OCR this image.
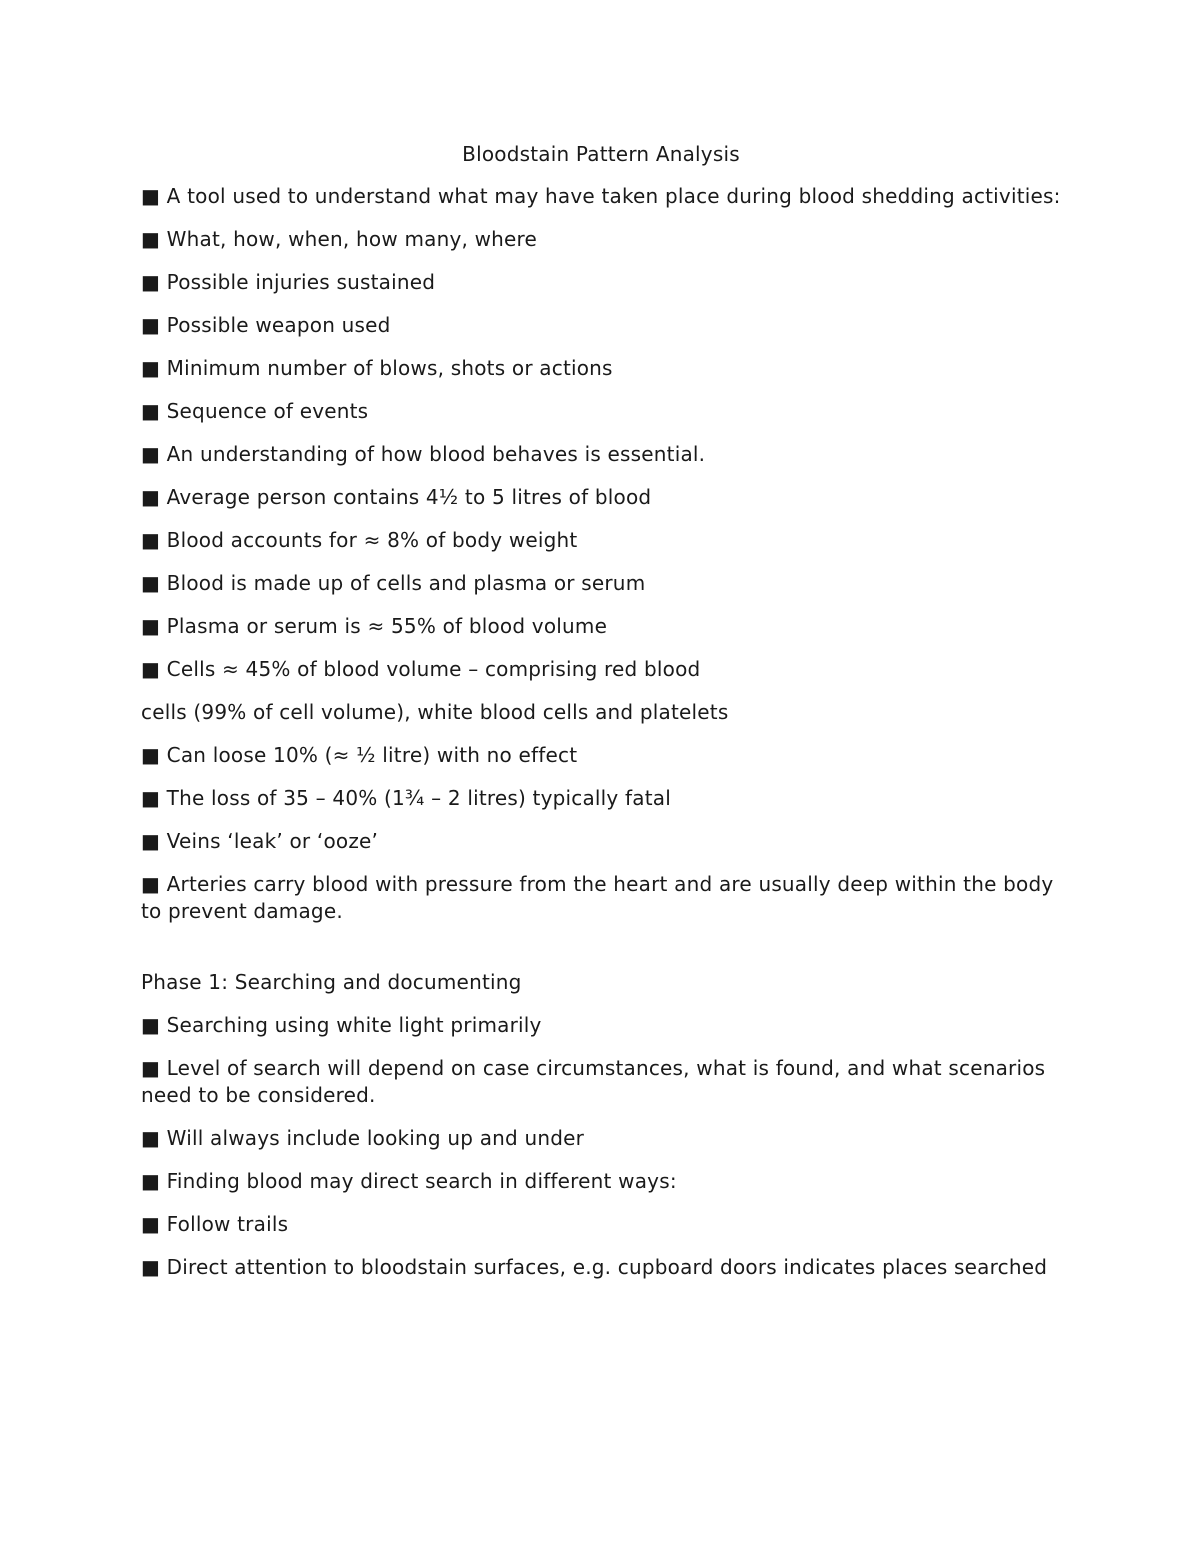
Bloodstain Pattern Analysis
■ A tool used to understand what may have taken place during blood shedding activities:
■ What, how, when, how many, where
■ Possible injuries sustained
■ Possible weapon used
■ Minimum number of blows, shots or actions
■ Sequence of events
■ An understanding of how blood behaves is essential.
■ Average person contains 4½ to 5 litres of blood
■ Blood accounts for ≈ 8% of body weight
■ Blood is made up of cells and plasma or serum
■ Plasma or serum is ≈ 55% of blood volume
■ Cells ≈ 45% of blood volume – comprising red blood
cells (99% of cell volume), white blood cells and platelets
■ Can loose 10% (≈ ½ litre) with no effect
■ The loss of 35 – 40% (1¾ – 2 litres) typically fatal
■ Veins ‘leak’ or ‘ooze’
■ Arteries carry blood with pressure from the heart and are usually deep within the body to prevent damage.
Phase 1: Searching and documenting
■ Searching using white light primarily
■ Level of search will depend on case circumstances, what is found, and what scenarios need to be considered.
■ Will always include looking up and under
■ Finding blood may direct search in different ways:
■ Follow trails
■ Direct attention to bloodstain surfaces, e.g. cupboard doors indicates places searched
